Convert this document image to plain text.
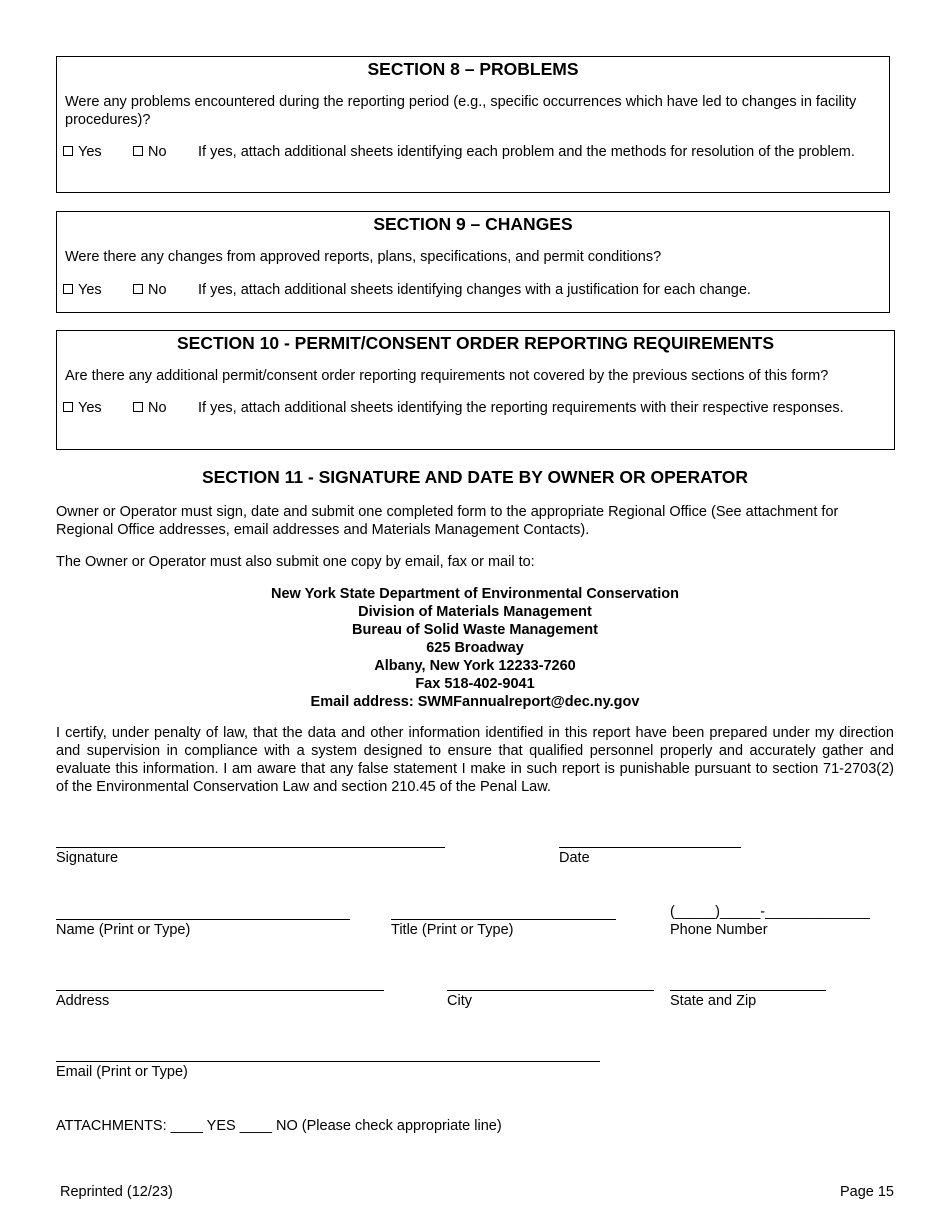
SECTION 8 – PROBLEMS
Were any problems encountered during the reporting period (e.g., specific occurrences which have led to changes in facility procedures)?
Yes	No If yes, attach additional sheets identifying each problem and the methods for resolution of the problem.
SECTION 9 – CHANGES
Were there any changes from approved reports, plans, specifications, and permit conditions?
Yes	No If yes, attach additional sheets identifying changes with a justification for each change.
SECTION 10 - PERMIT/CONSENT ORDER REPORTING REQUIREMENTS
Are there any additional permit/consent order reporting requirements not covered by the previous sections of this form?
Yes	No If yes, attach additional sheets identifying the reporting requirements with their respective responses.
SECTION 11 - SIGNATURE AND DATE BY OWNER OR OPERATOR
Owner or Operator must sign, date and submit one completed form to the appropriate Regional Office (See attachment for Regional Office addresses, email addresses and Materials Management Contacts).
The Owner or Operator must also submit one copy by email, fax or mail to:
New York State Department of Environmental Conservation
Division of Materials Management
Bureau of Solid Waste Management
625 Broadway
Albany, New York 12233-7260
Fax 518-402-9041
Email address: SWMFannualreport@dec.ny.gov
I certify, under penalty of law, that the data and other information identified in this report have been prepared under my direction and supervision in compliance with a system designed to ensure that qualified personnel properly and accurately gather and evaluate this information. I am aware that any false statement I make in such report is punishable pursuant to section 71-2703(2) of the Environmental Conservation Law and section 210.45 of the Penal Law.
Signature	Date
Name (Print or Type)	Title (Print or Type)
(_____)_____-_____________
Phone Number
Address	City	State and Zip
Email (Print or Type)
ATTACHMENTS: ____ YES ____ NO (Please check appropriate line)
Reprinted (12/23)	Page 15
